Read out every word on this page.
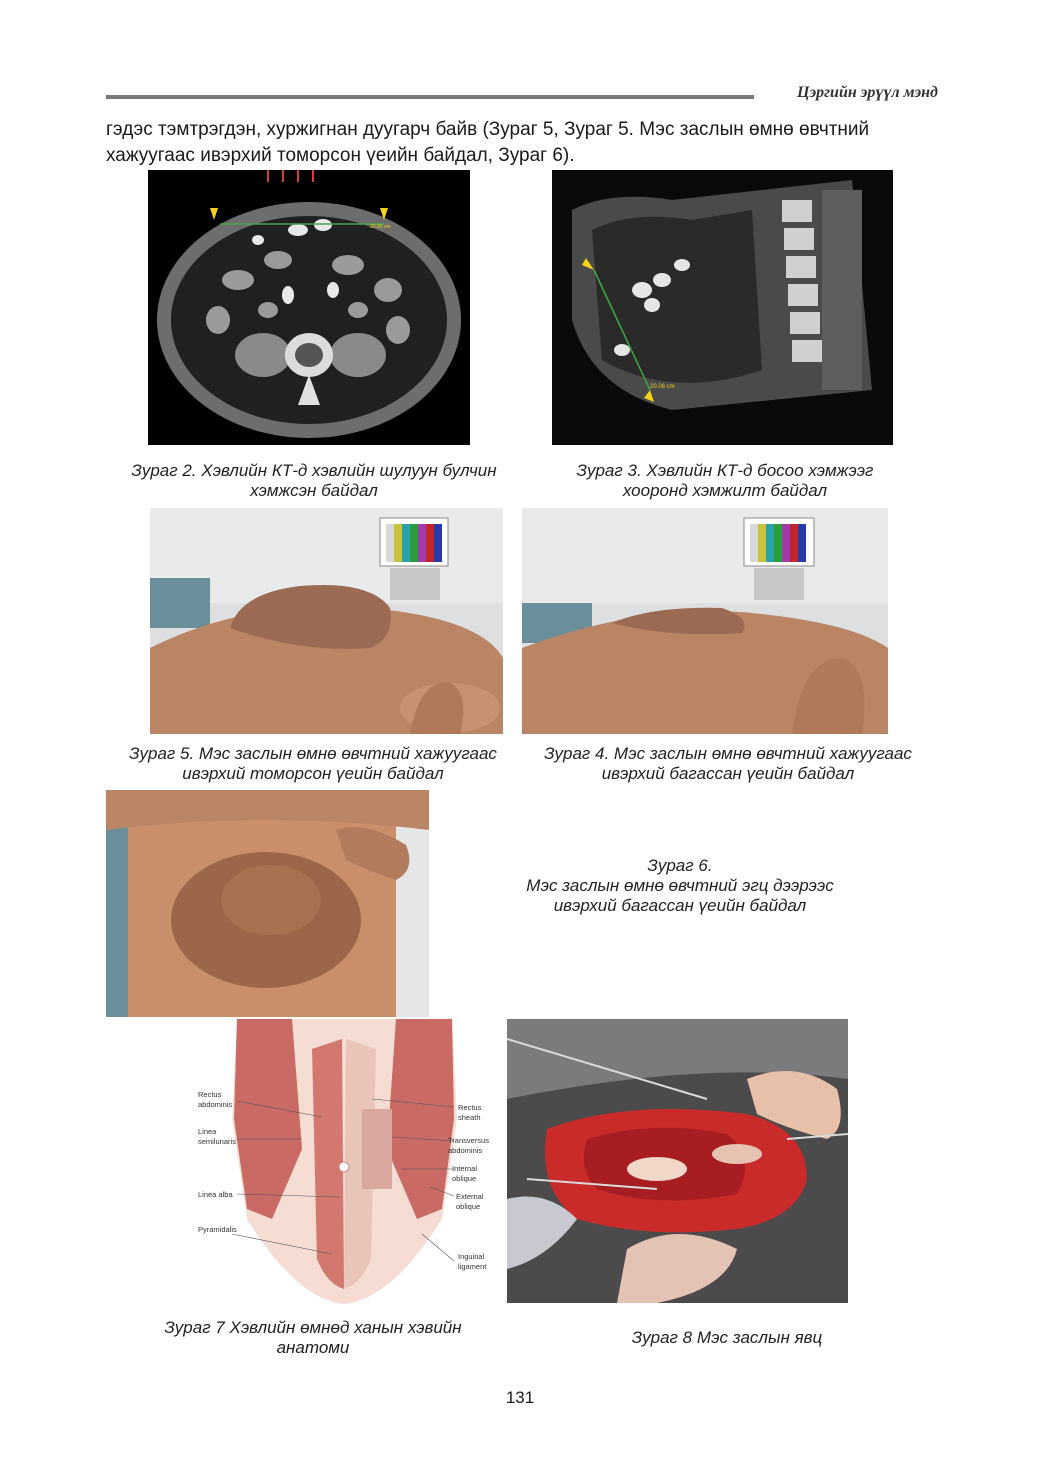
Цэргийн эрүүл мэнд

гэдэс тэмтрэгдэн, хуржигнан дуугарч байв (Зураг 5, Зураг 5. Мэс заслын өмнө өвчтний хажуугаас ивэрхий томорсон үеийн байдал, Зураг 6).

20.00 cm
20.06 cm
Зураг 2. Хэвлийн КТ-д хэвлийн шулуун булчин
хэмжсэн байдал
Зураг 3. Хэвлийн КТ-д босоо хэмжээг
хооронд хэмжилт байдал
Зураг 5. Мэс заслын өмнө өвчтний хажуугаас
ивэрхий томорсон үеийн байдал
Зураг 4. Мэс заслын өмнө өвчтний хажуугаас
ивэрхий багассан үеийн байдал
Зураг 6.
Мэс заслын өмнө өвчтний эгц дээрээс
ивэрхий багассан үеийн байдал
Rectus
abdominis
Linea
semilunaris
Linea alba
Pyramidalis
Rectus
sheath
Transversus
abdominis
Internal
oblique
External
oblique
Inguinal
ligament
Зураг 7 Хэвлийн өмнөд ханын хэвийн
анатоми
Зураг 8 Мэс заслын явц
131
